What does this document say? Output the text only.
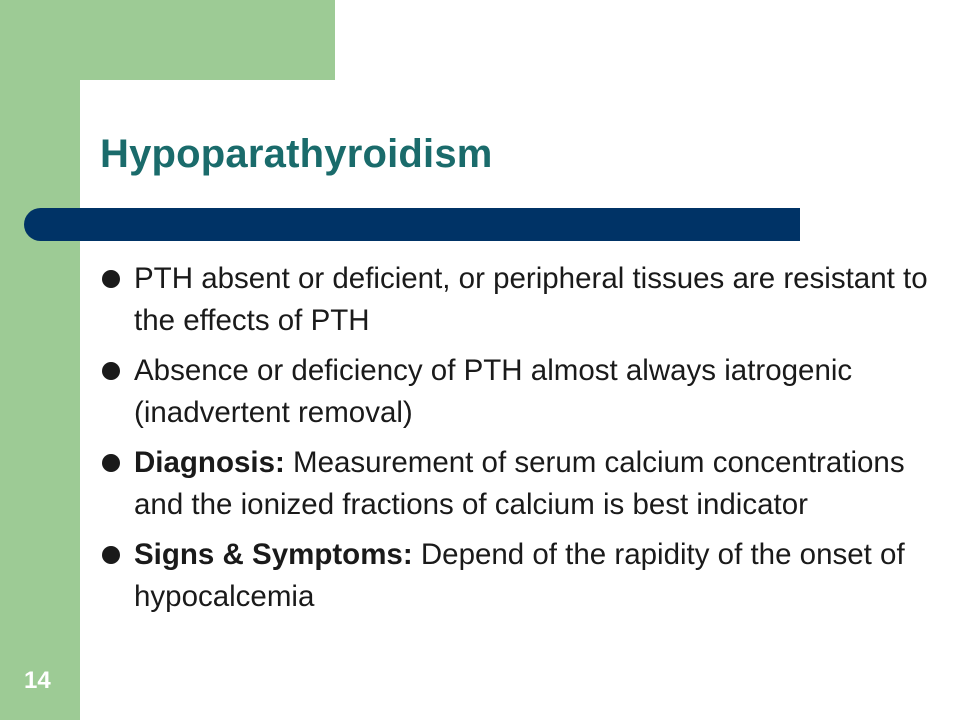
Hypoparathyroidism
PTH absent or deficient, or peripheral tissues are resistant to the effects of PTH
Absence or deficiency of PTH almost always iatrogenic (inadvertent removal)
Diagnosis: Measurement of serum calcium concentrations and the ionized fractions of calcium is best indicator
Signs & Symptoms: Depend of the rapidity of the onset of hypocalcemia
14
